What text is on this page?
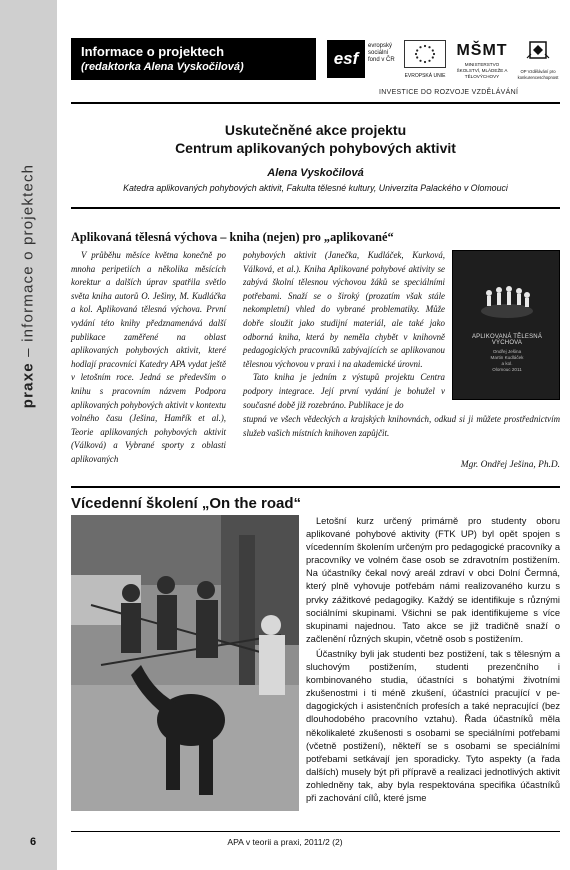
praxe – informace o projektech
Informace o projektech
(redaktorka Alena Vyskočilová)	esf
evropský sociální fond v ČR
EVROPSKÁ UNIE
MŠMT
MINISTERSTVO ŠKOLSTVÍ, MLÁDEŽE A TĚLOVÝCHOVY
OP Vzdělávání pro konkurenceschopnost
INVESTICE DO ROZVOJE VZDĚLÁVÁNÍ
Uskutečněné akce projektu
Centrum aplikovaných pohybových aktivit
Alena Vyskočilová
Katedra aplikovaných pohybových aktivit, Fakulta tělesné kultury, Univerzita Palackého v Olomouci
Aplikovaná tělesná výchova – kniha (nejen) pro „aplikované“

V průběhu měsíce května konečně po mnoha peripetiích a několika měsících korektur a dalších úprav spatřila světlo světa kniha autorů O. Ješiny, M. Kudláčka a kol. Aplikovaná tělesná výchova. První vydání této knihy předznamenává další publikace zaměřené na oblast aplikovaných pohybových aktivit, které hodlají pracovníci Katedry APA vydat ještě v letošním roce. Jedná se především o knihu s pracovním názvem Podpora aplikovaných pohybových aktivit v kontextu volného času (Ješina, Hamřík et al.), Teorie aplikovaných pohybových aktivit (Válková) a Vybrané sporty z oblasti aplikovaných

pohybových aktivit (Janečka, Kudláček, Kurková, Válková, et al.). Kniha Aplikované pohybové aktivity se zabývá školní tělesnou výchovou žáků se speciálními potřebami. Snaží se o široký (prozatím však stále nekompletní) vhled do vybrané problematiky. Může dobře sloužit jako studijní materiál, ale také jako odborná kniha, která by neměla chybět v knihovně pedagogických pracovníků zabývajících se aplikovanou tělesnou výchovou v praxi i na akademické úrovni.

Tato kniha je jedním z výstupů projektu Centra podpory integrace. Její první vydání je bohužel v současné době již rozebráno. Publikace je do

stupná ve všech vědeckých a krajských knihovnách, odkud si ji můžete prostřednictvím služeb vašich místních knihoven zapůjčit.

Mgr. Ondřej Ješina, Ph.D.
APLIKOVANÁ TĚLESNÁ VÝCHOVA
Ondřej Ješina
Martin Kudláček
a kol.
Olomouc 2011
Vícedenní školení „On the road“

Letošní kurz určený primárně pro studenty oboru aplikované pohybové aktivity (FTK UP) byl opět spojen s vícedenním školením určeným pro pedagogické pracovníky a pracovníky ve volném čase osob se zdravotním postižením. Na účastníky čekal nový areál zdraví v obci Dolní Čermná, který plně vyhovuje potřebám námi realizovaného kurzu s prvky zážitkové pedagogiky. Každý se identifikuje s různými sociálními skupinami. Všichni se pak identifikujeme s více skupinami najednou. Tato akce se již tradičně snaží o začlenění různých skupin, včetně osob s postižením.

Účastníky byli jak studenti bez postižení, tak s tělesným a sluchovým postižením, studenti prezenčního i kombinovaného studia, účastníci s bohatými životními zkušenostmi i ti méně zkušení, účastníci pracující v pedagogických i asistenčních profesích a také nepracující (bez dlouhodobého pracovního vztahu). Řada účastníků měla několikaleté zkušenosti s osobami se speciálními potřebami (včetně postižení), někteří se s osobami se speciálními potřebami setkávají jen sporadicky. Tyto aspekty (a řada dalších) musely být při přípravě a realizaci jednotlivých aktivit zohledněny tak, aby byla respektována specifika účastníků při zachování cílů, které jsme

6	APA v teorii a praxi, 2011/2 (2)
